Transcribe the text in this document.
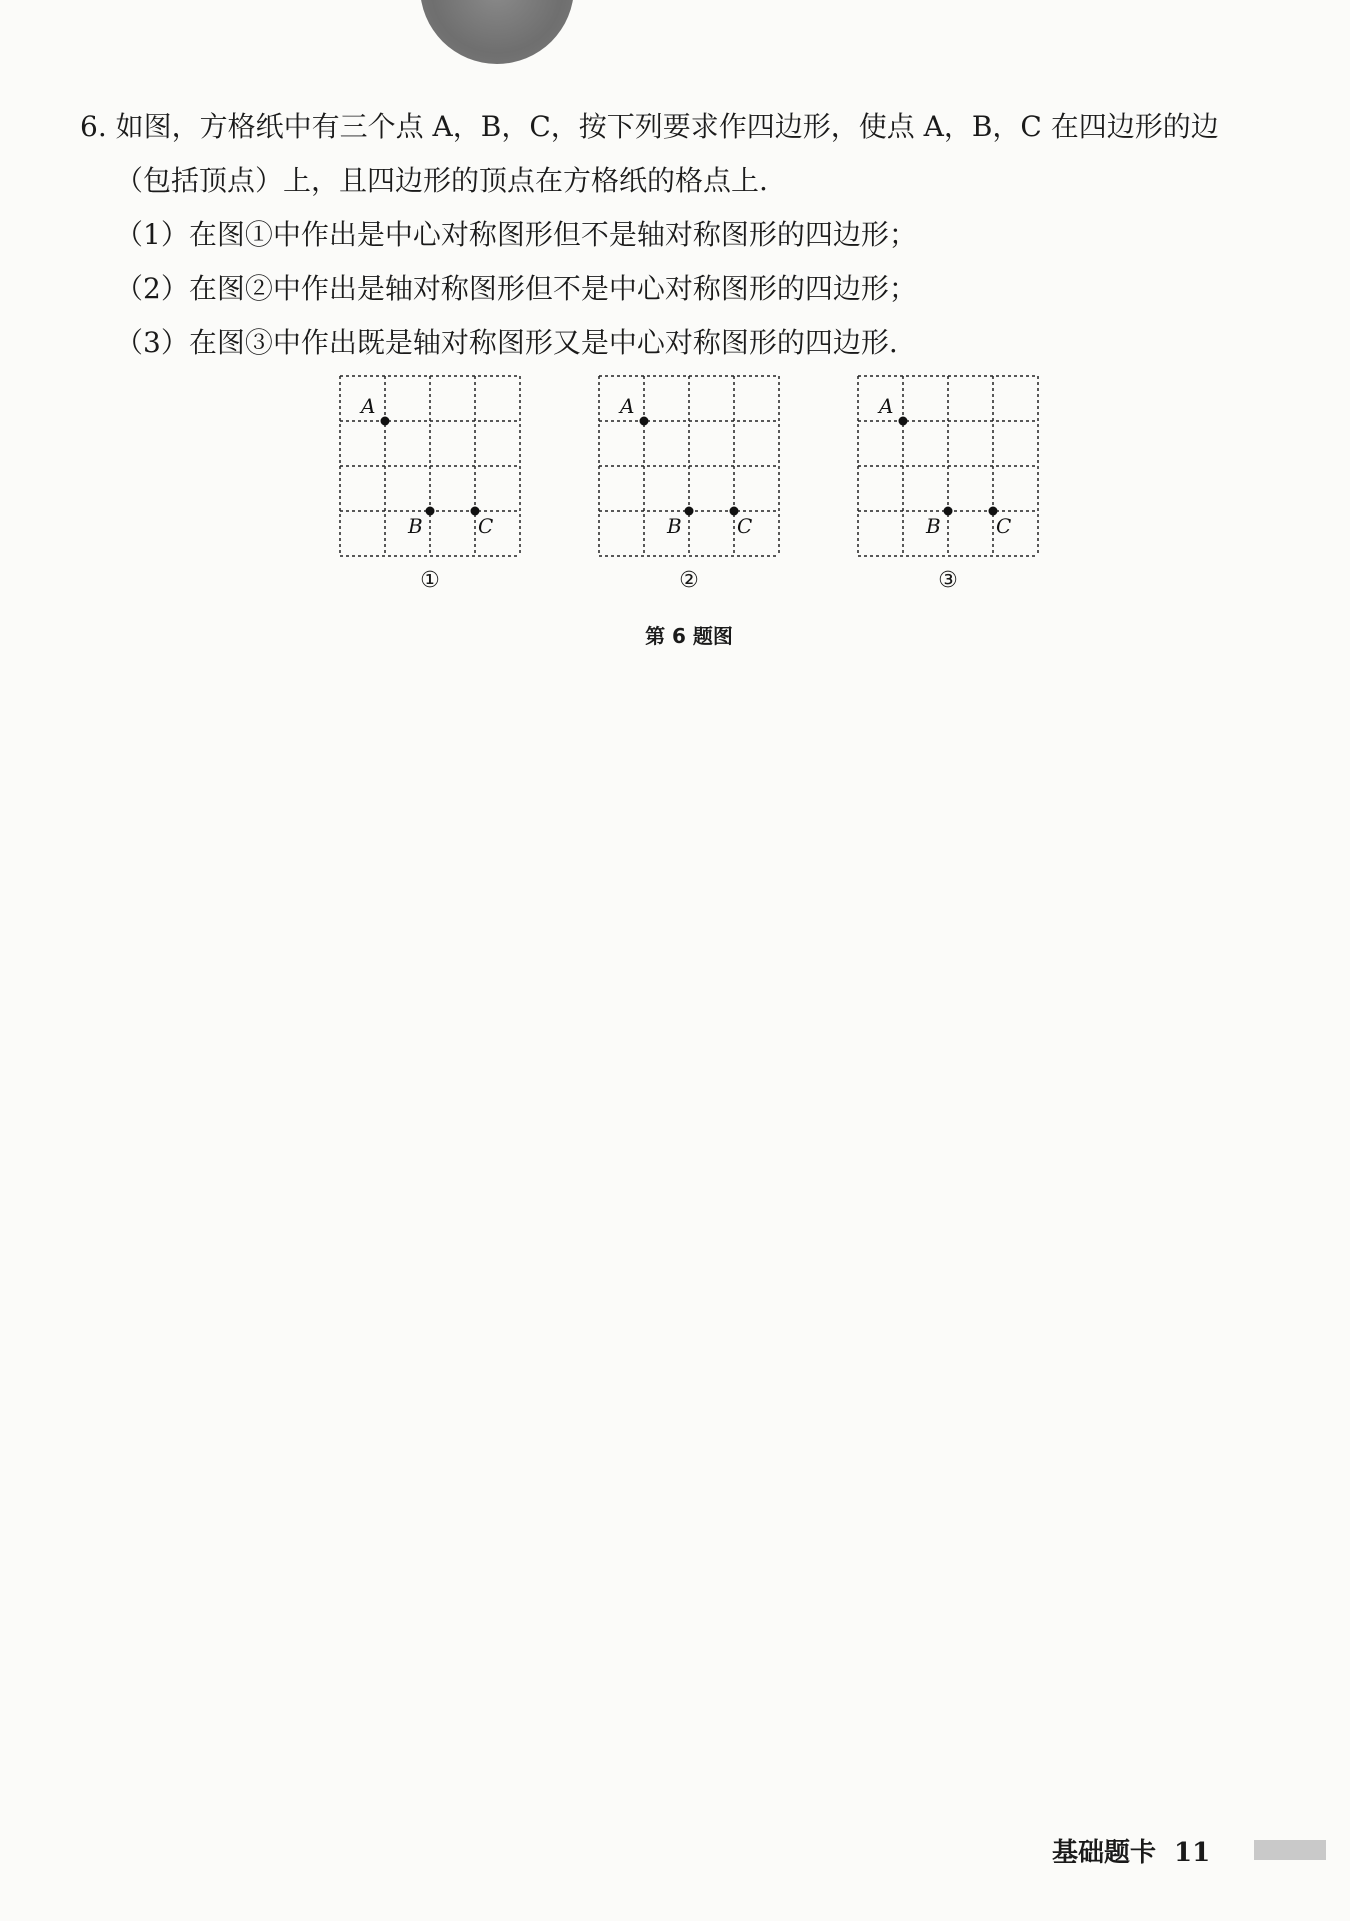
6. 如图，方格纸中有三个点 A，B，C，按下列要求作四边形，使点 A，B，C 在四边形的边
（包括顶点）上，且四边形的顶点在方格纸的格点上.
（1）在图①中作出是中心对称图形但不是轴对称图形的四边形；
（2）在图②中作出是轴对称图形但不是中心对称图形的四边形；
（3）在图③中作出既是轴对称图形又是中心对称图形的四边形.
A
B	C
①
A
B	C
②
A
B	C
③
第 6 题图
基础题卡 11
